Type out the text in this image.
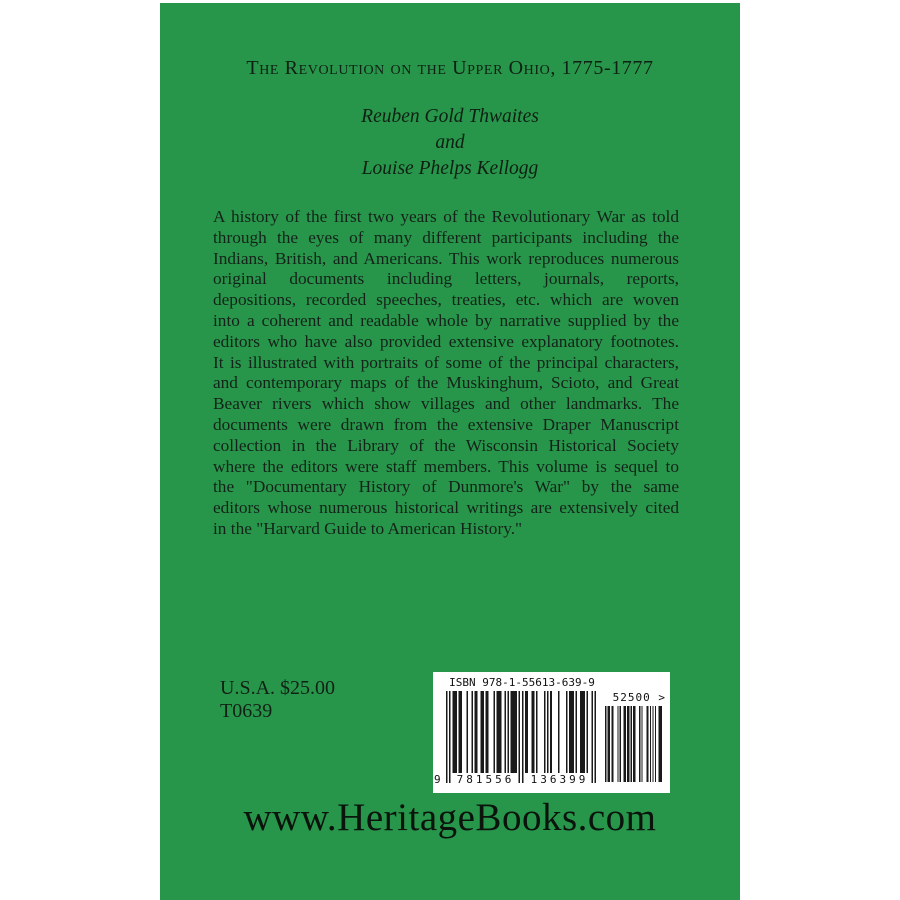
The Revolution on the Upper Ohio, 1775-1777
Reuben Gold Thwaites
and
Louise Phelps Kellogg
A history of the first two years of the Revolutionary War as told
through the eyes of many different participants including the
Indians, British, and Americans. This work reproduces numerous
original documents including letters, journals, reports,
depositions, recorded speeches, treaties, etc. which are woven
into a coherent and readable whole by narrative supplied by the
editors who have also provided extensive explanatory footnotes.
It is illustrated with portraits of some of the principal characters,
and contemporary maps of the Muskinghum, Scioto, and Great
Beaver rivers which show villages and other landmarks. The
documents were drawn from the extensive Draper Manuscript
collection in the Library of the Wisconsin Historical Society
where the editors were staff members. This volume is sequel to
the "Documentary History of Dunmore's War" by the same
editors whose numerous historical writings are extensively cited
in the "Harvard Guide to American History."
U.S.A. $25.00
T0639
ISBN 978-1-55613-639-9
9	781556	136399
52500 >
www.HeritageBooks.com
